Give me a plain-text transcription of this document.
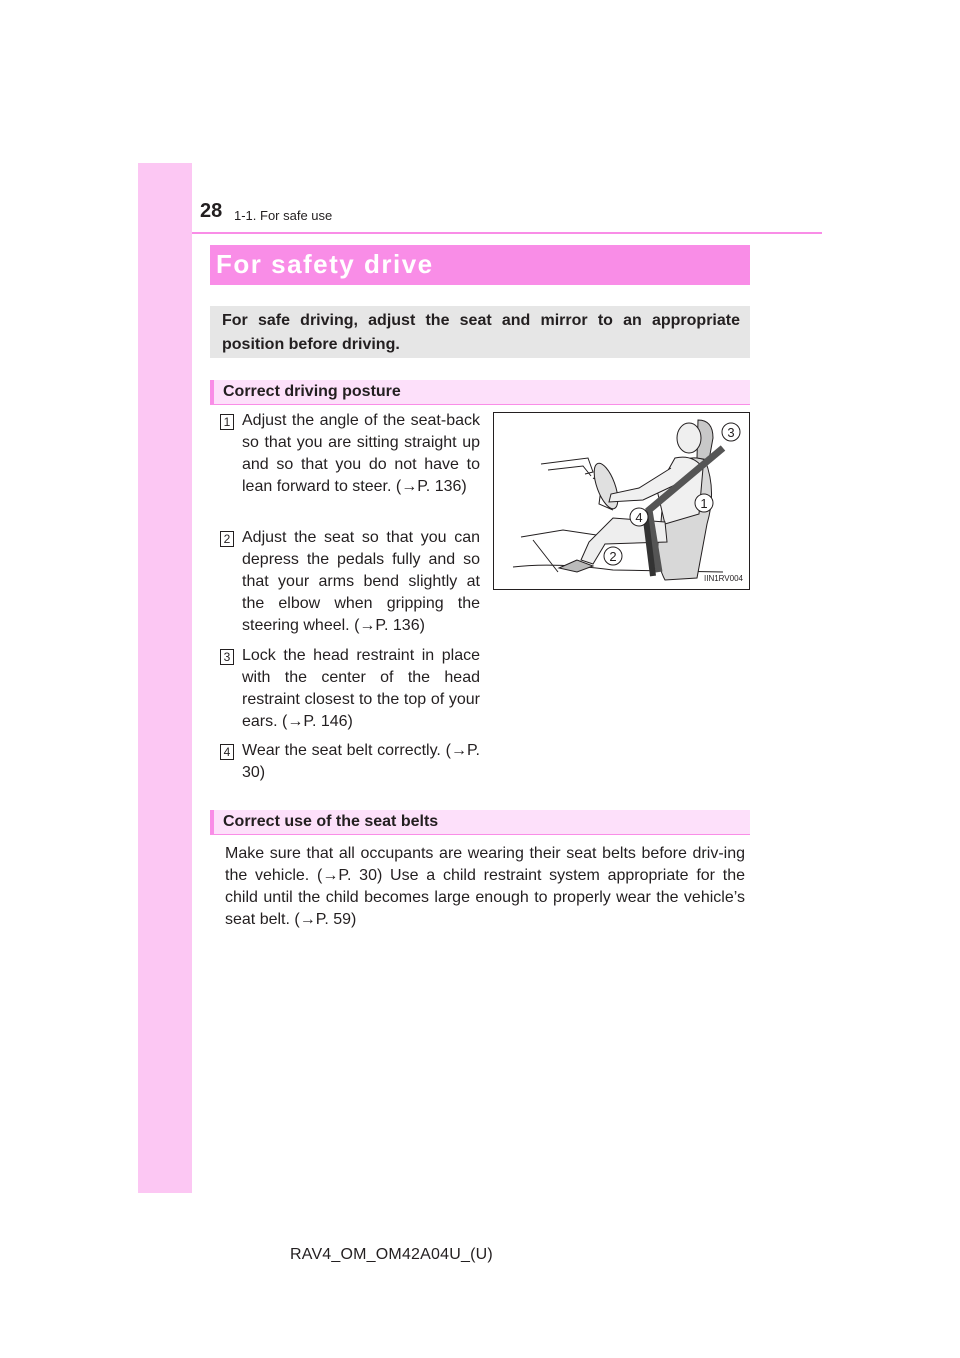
28 1-1. For safe use
For safety drive
For safe driving, adjust the seat and mirror to an appropriate position before driving.
Correct driving posture
1 Adjust the angle of the seat-back so that you are sitting straight up and so that you do not have to lean forward to steer. (→P. 136)
2 Adjust the seat so that you can depress the pedals fully and so that your arms bend slightly at the elbow when gripping the steering wheel. (→P. 136)
3 Lock the head restraint in place with the center of the head restraint closest to the top of your ears. (→P. 146)
4 Wear the seat belt correctly. (→P. 30)
3
1
4
2
IIN1RV004
Correct use of the seat belts
Make sure that all occupants are wearing their seat belts before driv-ing the vehicle. (→P. 30) Use a child restraint system appropriate for the child until the child becomes large enough to properly wear the vehicle’s seat belt. (→P. 59)
RAV4_OM_OM42A04U_(U)
